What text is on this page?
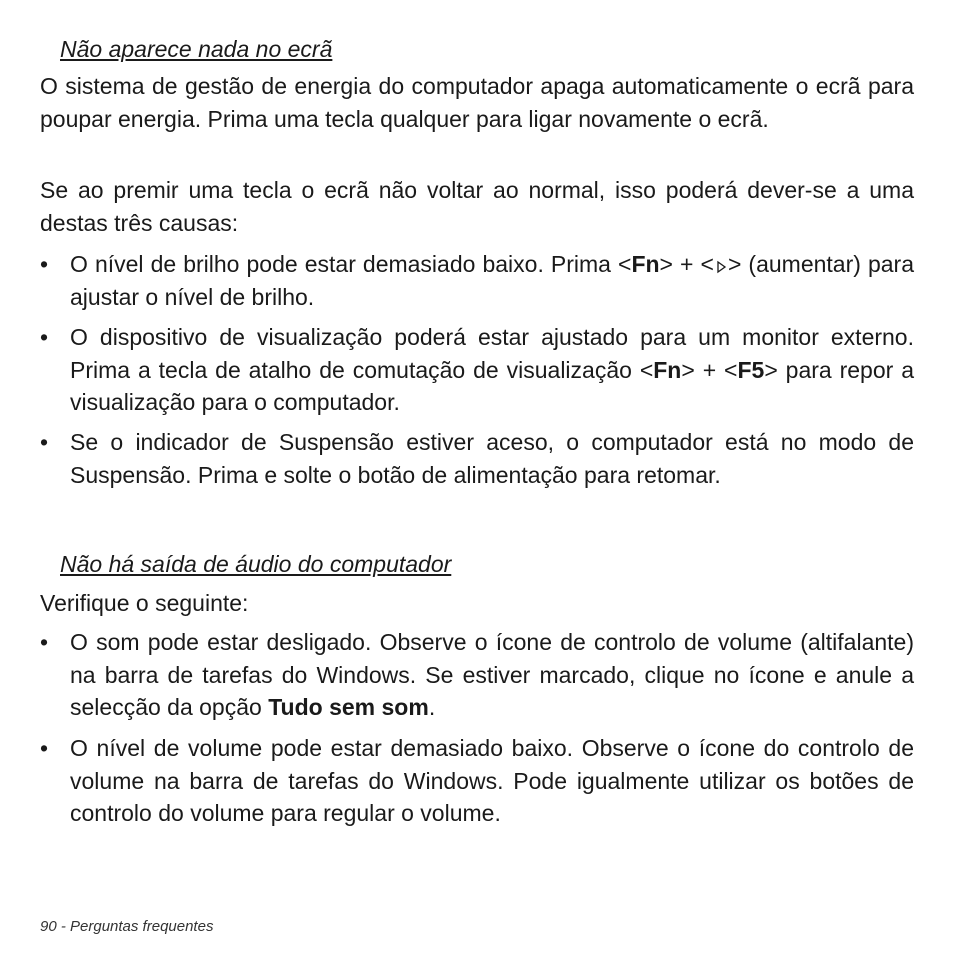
Não aparece nada no ecrã

O sistema de gestão de energia do computador apaga automaticamente o ecrã para poupar energia. Prima uma tecla qualquer para ligar novamente o ecrã.

Se ao premir uma tecla o ecrã não voltar ao normal, isso poderá dever-se a uma destas três causas:

• O nível de brilho pode estar demasiado baixo. Prima <Fn> + < > (aumentar) para ajustar o nível de brilho.
• O dispositivo de visualização poderá estar ajustado para um monitor externo. Prima a tecla de atalho de comutação de visualização <Fn> + <F5> para repor a visualização para o computador.
• Se o indicador de Suspensão estiver aceso, o computador está no modo de Suspensão. Prima e solte o botão de alimentação para retomar.
Não há saída de áudio do computador

Verifique o seguinte:

• O som pode estar desligado. Observe o ícone de controlo de volume (altifalante) na barra de tarefas do Windows. Se estiver marcado, clique no ícone e anule a selecção da opção Tudo sem som.
• O nível de volume pode estar demasiado baixo. Observe o ícone do controlo de volume na barra de tarefas do Windows. Pode igualmente utilizar os botões de controlo do volume para regular o volume.
90 - Perguntas frequentes
